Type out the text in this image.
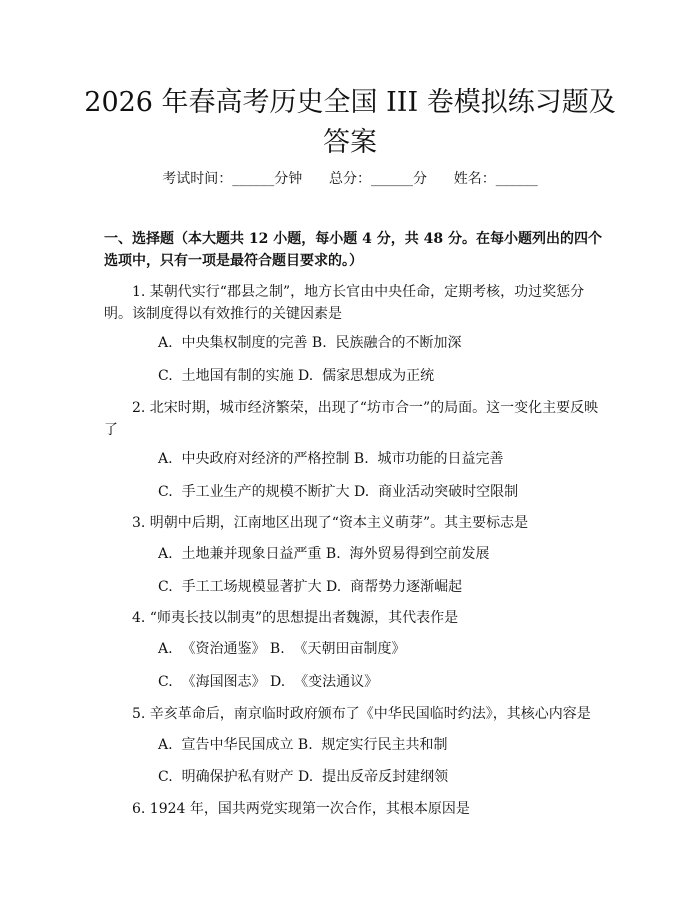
2026 年春高考历史全国 III 卷模拟练习题及答案
考试时间：______分钟      总分：______分      姓名：______

一、选择题（本大题共 12 小题，每小题 4 分，共 48 分。在每小题列出的四个选项中，只有一项是最符合题目要求的。）

1. 某朝代实行“郡县之制”，地方长官由中央任命，定期考核，功过奖惩分明。该制度得以有效推行的关键因素是

A.  中央集权制度的完善 B.  民族融合的不断加深
C.  土地国有制的实施 D.  儒家思想成为正统

2. 北宋时期，城市经济繁荣，出现了“坊市合一”的局面。这一变化主要反映了

A.  中央政府对经济的严格控制 B.  城市功能的日益完善
C.  手工业生产的规模不断扩大 D.  商业活动突破时空限制

3. 明朝中后期，江南地区出现了“资本主义萌芽”。其主要标志是

A.  土地兼并现象日益严重 B.  海外贸易得到空前发展
C.  手工工场规模显著扩大 D.  商帮势力逐渐崛起

4. “师夷长技以制夷”的思想提出者魏源，其代表作是

A.  《资治通鉴》 B.  《天朝田亩制度》
C.  《海国图志》 D.  《变法通议》

5. 辛亥革命后，南京临时政府颁布了《中华民国临时约法》，其核心内容是

A.  宣告中华民国成立 B.  规定实行民主共和制
C.  明确保护私有财产 D.  提出反帝反封建纲领

6. 1924 年，国共两党实现第一次合作，其根本原因是
